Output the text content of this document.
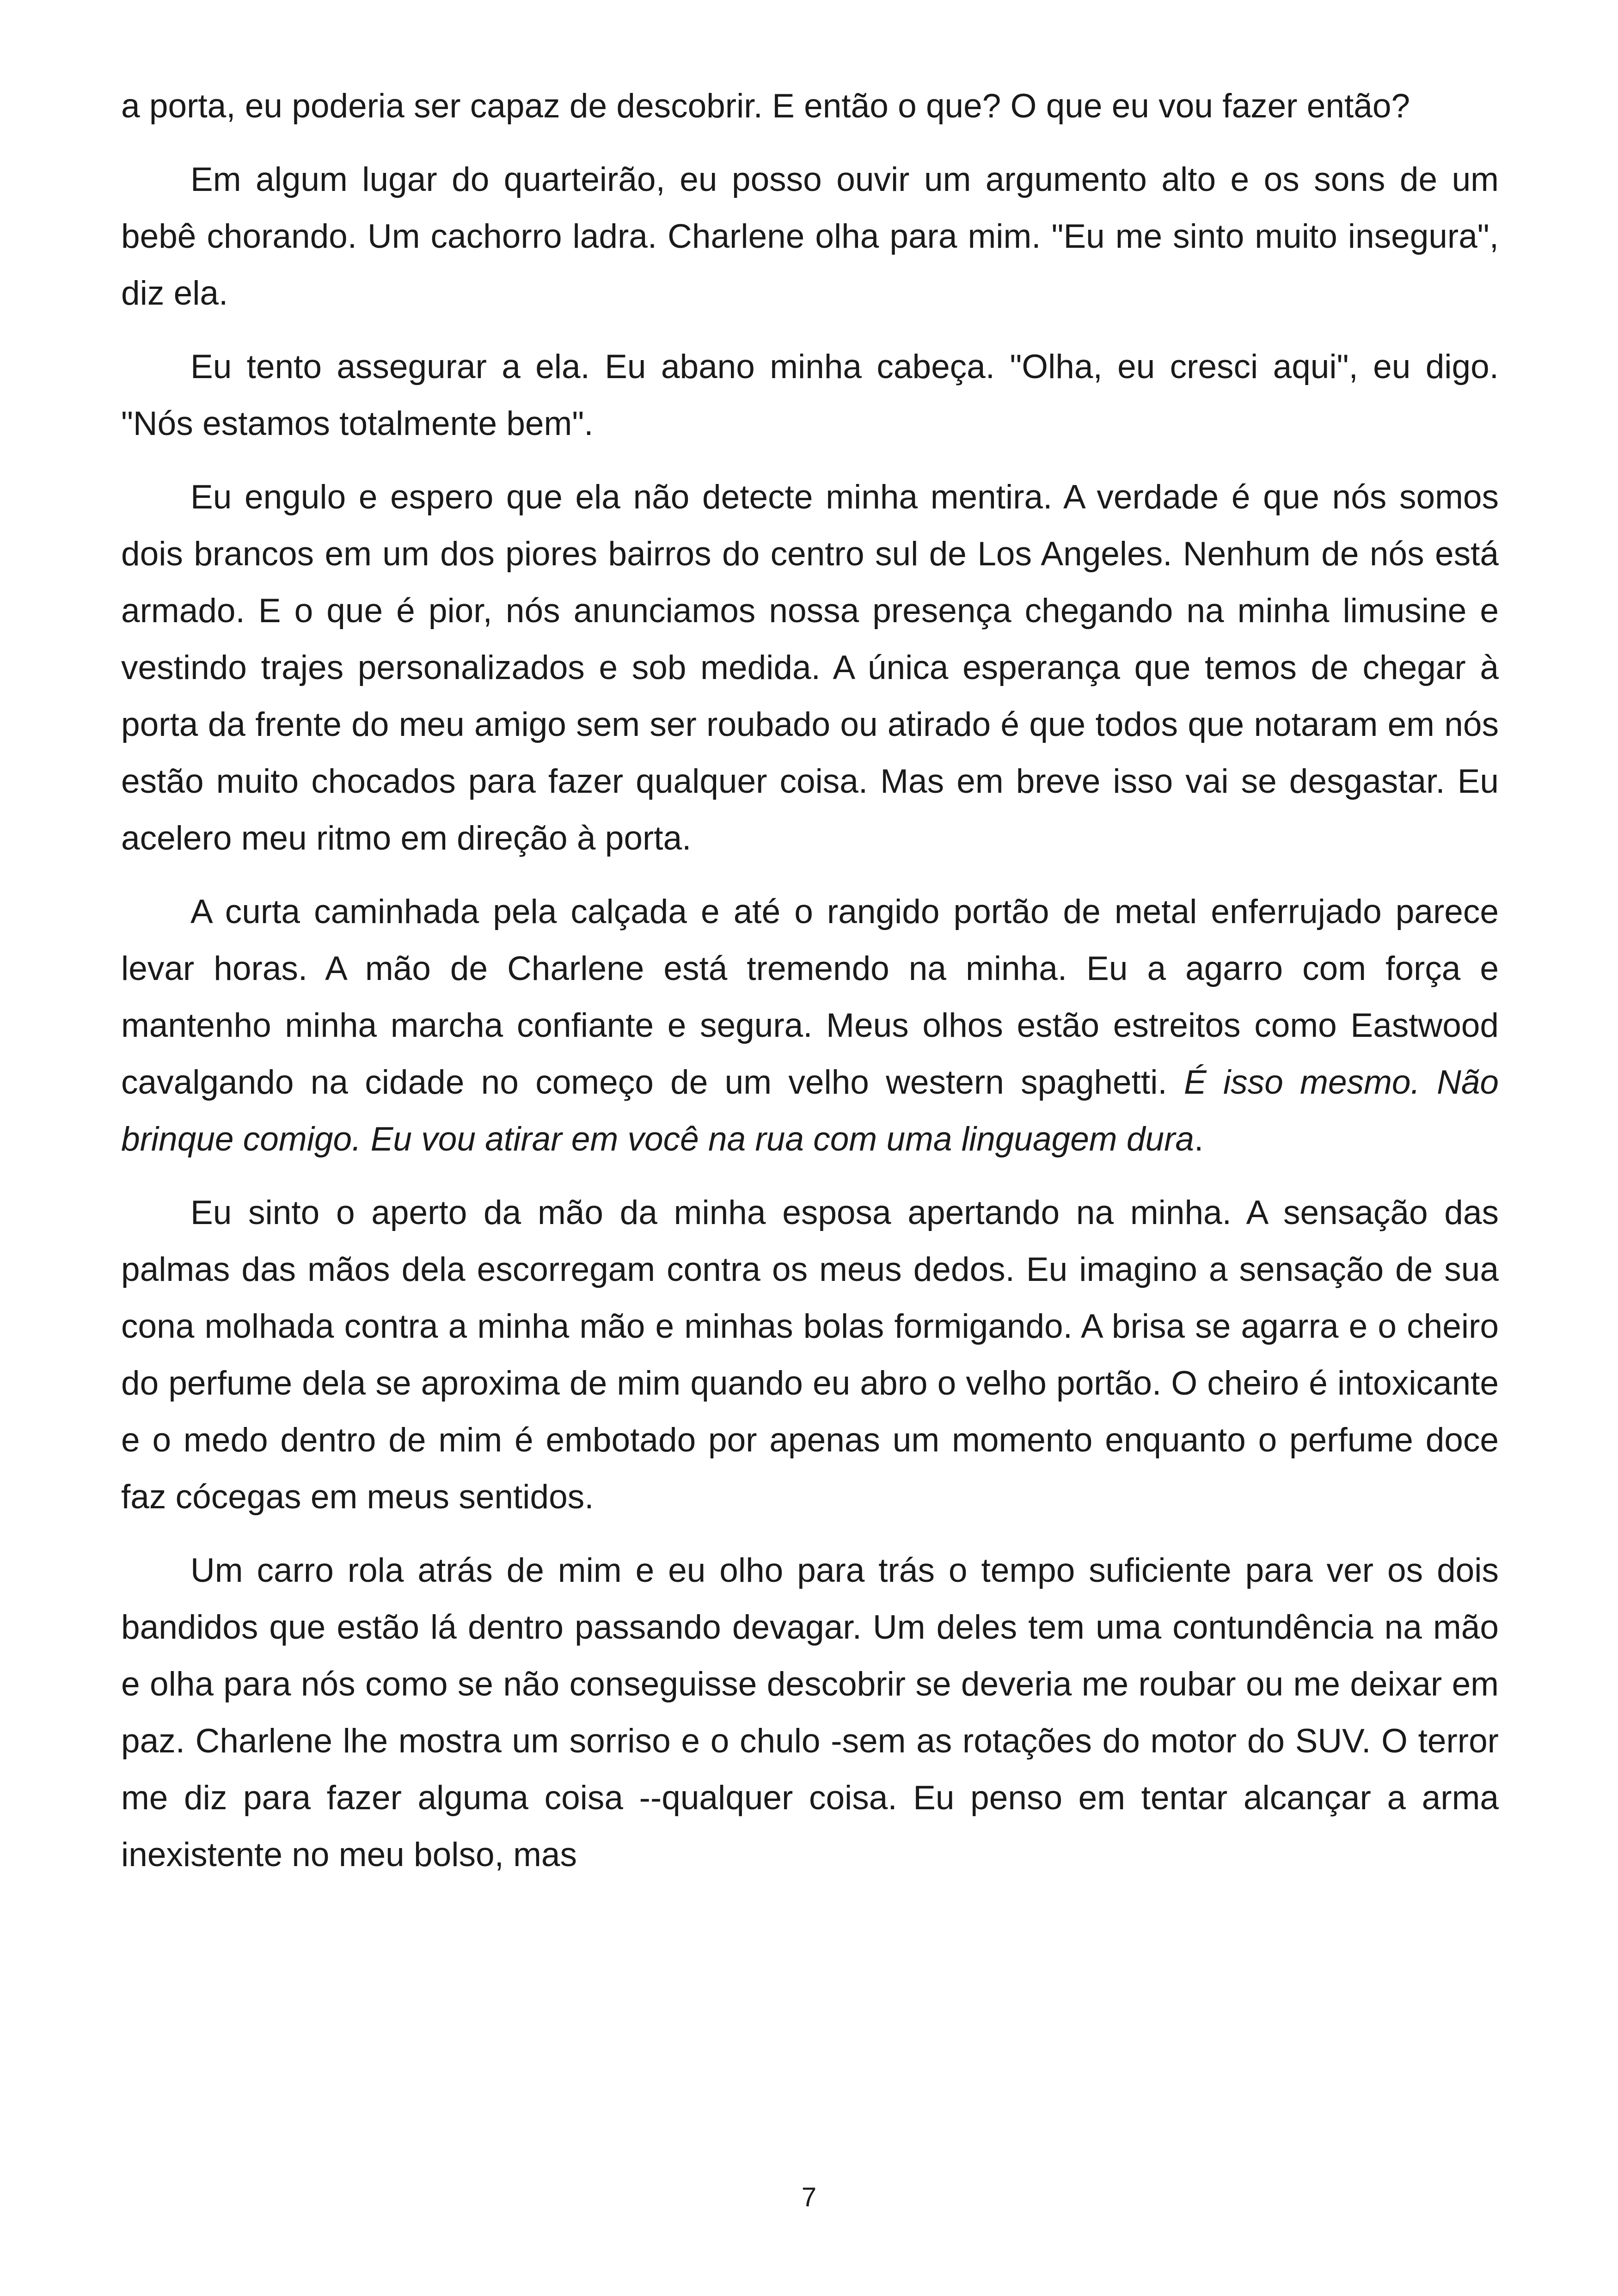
a porta, eu poderia ser capaz de descobrir. E então o que? O que eu vou fazer então?

Em algum lugar do quarteirão, eu posso ouvir um argumento alto e os sons de um bebê chorando. Um cachorro ladra. Charlene olha para mim. "Eu me sinto muito insegura", diz ela.

Eu tento assegurar a ela. Eu abano minha cabeça. "Olha, eu cresci aqui", eu digo. "Nós estamos totalmente bem".

Eu engulo e espero que ela não detecte minha mentira. A verdade é que nós somos dois brancos em um dos piores bairros do centro sul de Los Angeles. Nenhum de nós está armado. E o que é pior, nós anunciamos nossa presença chegando na minha limusine e vestindo trajes personalizados e sob medida. A única esperança que temos de chegar à porta da frente do meu amigo sem ser roubado ou atirado é que todos que notaram em nós estão muito chocados para fazer qualquer coisa. Mas em breve isso vai se desgastar. Eu acelero meu ritmo em direção à porta.

A curta caminhada pela calçada e até o rangido portão de metal enferrujado parece levar horas. A mão de Charlene está tremendo na minha. Eu a agarro com força e mantenho minha marcha confiante e segura. Meus olhos estão estreitos como Eastwood cavalgando na cidade no começo de um velho western spaghetti. É isso mesmo. Não brinque comigo. Eu vou atirar em você na rua com uma linguagem dura.

Eu sinto o aperto da mão da minha esposa apertando na minha. A sensação das palmas das mãos dela escorregam contra os meus dedos. Eu imagino a sensação de sua cona molhada contra a minha mão e minhas bolas formigando. A brisa se agarra e o cheiro do perfume dela se aproxima de mim quando eu abro o velho portão. O cheiro é intoxicante e o medo dentro de mim é embotado por apenas um momento enquanto o perfume doce faz cócegas em meus sentidos.

Um carro rola atrás de mim e eu olho para trás o tempo suficiente para ver os dois bandidos que estão lá dentro passando devagar. Um deles tem uma contundência na mão e olha para nós como se não conseguisse descobrir se deveria me roubar ou me deixar em paz. Charlene lhe mostra um sorriso e o chulo -sem as rotações do motor do SUV. O terror me diz para fazer alguma coisa --qualquer coisa. Eu penso em tentar alcançar a arma inexistente no meu bolso, mas

7
